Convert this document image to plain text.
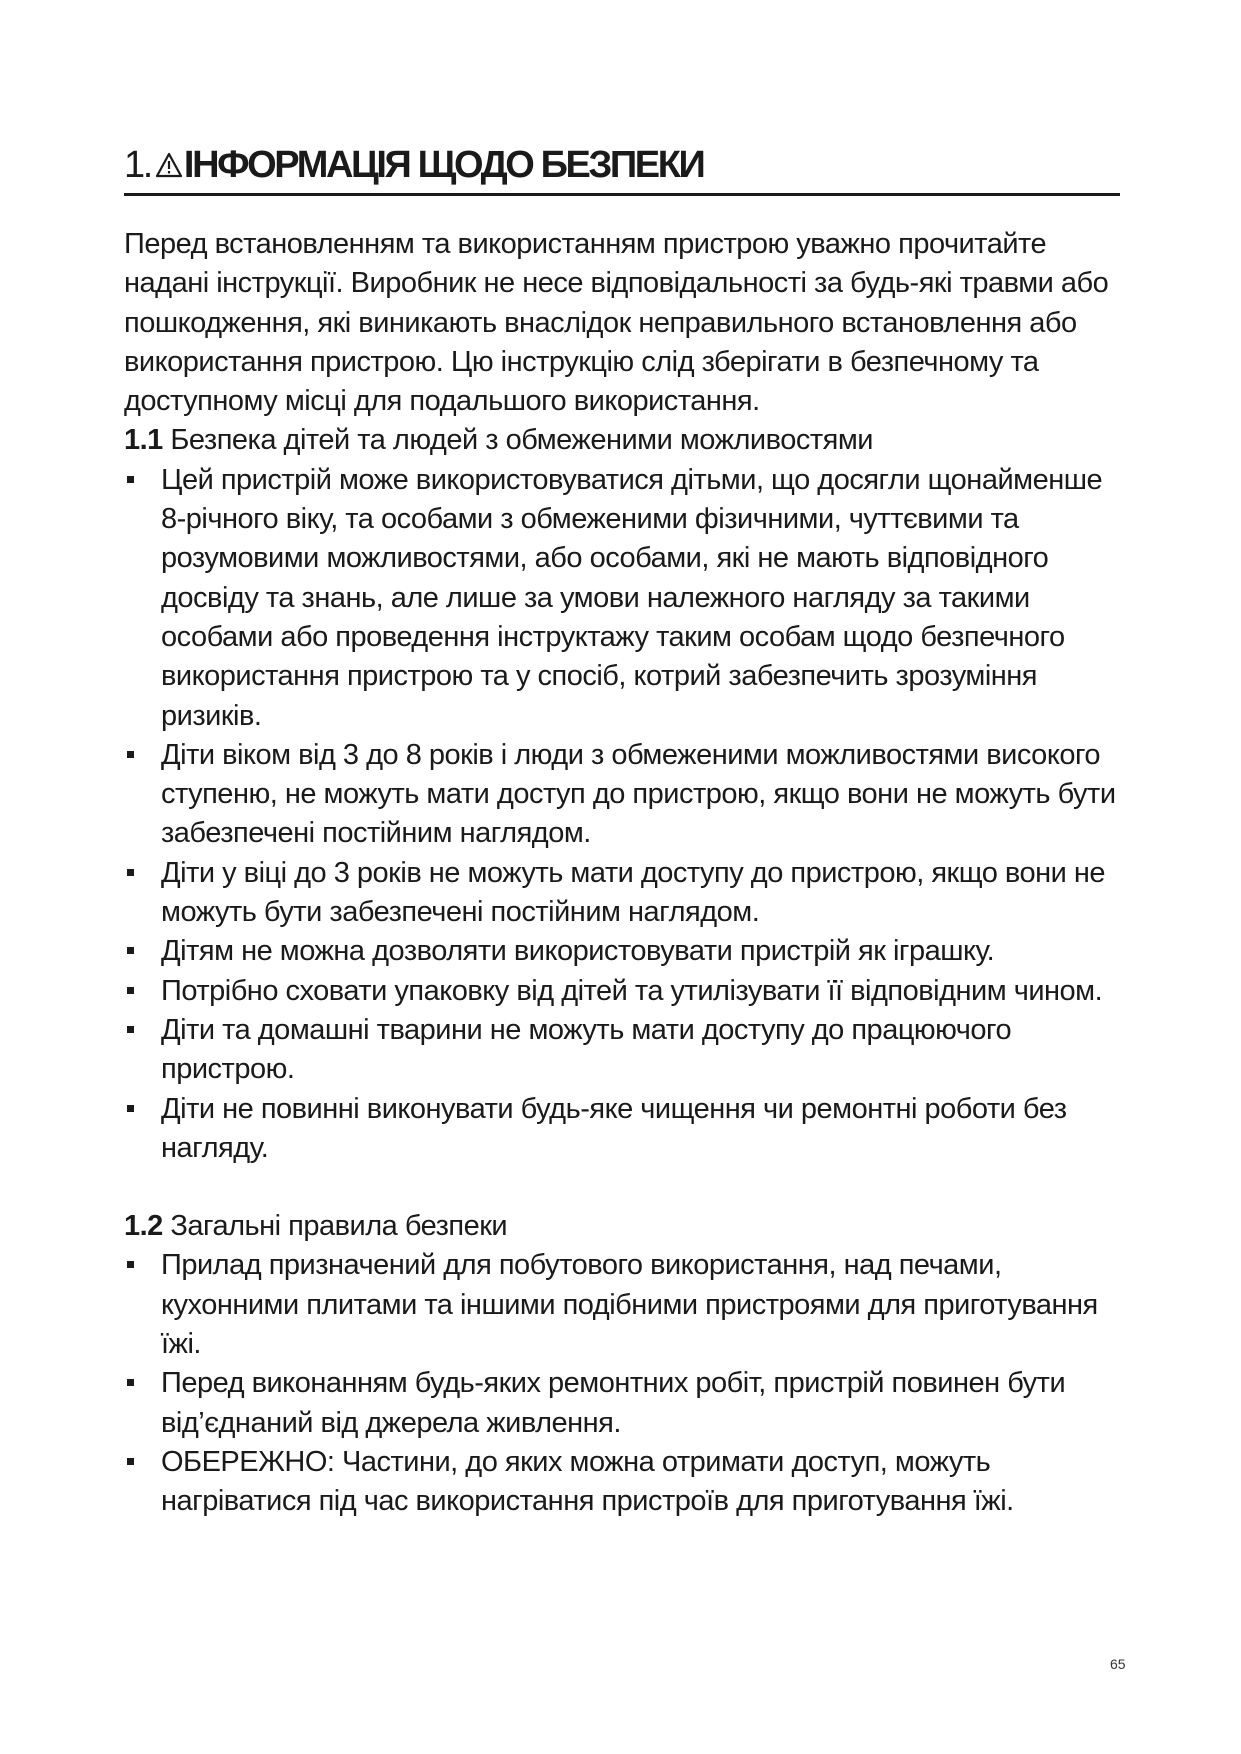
1. ІНФОРМАЦІЯ ЩОДО БЕЗПЕКИ

Перед встановленням та використанням пристрою уважно прочитайте надані інструкції. Виробник не несе відповідальності за будь-які травми або пошкодження, які виникають внаслідок неправильного встановлення або використання пристрою. Цю інструкцію слід зберігати в безпечному та доступному місці для подальшого використання.

1.1 Безпека дітей та людей з обмеженими можливостями

Цей пристрій може використовуватися дітьми, що досягли щонайменше 8-річного віку, та особами з обмеженими фізичними, чуттєвими та розумовими можливостями, або особами, які не мають відповідного досвіду та знань, але лише за умови належного нагляду за такими особами або проведення інструктажу таким особам щодо безпечного використання пристрою та у спосіб, котрий забезпечить зрозуміння ризиків.
Діти віком від 3 до 8 років і люди з обмеженими можливостями високого ступеню, не можуть мати доступ до пристрою, якщо вони не можуть бути забезпечені постійним наглядом.
Діти у віці до 3 років не можуть мати доступу до пристрою, якщо вони не можуть бути забезпечені постійним наглядом.
Дітям не можна дозволяти використовувати пристрій як іграшку.
Потрібно сховати упаковку від дітей та утилізувати її відповідним чином.
Діти та домашні тварини не можуть мати доступу до працюючого пристрою.
Діти не повинні виконувати будь-яке чищення чи ремонтні роботи без нагляду.

1.2 Загальні правила безпеки

Прилад призначений для побутового використання, над печами, кухонними плитами та іншими подібними пристроями для приготування їжі.
Перед виконанням будь-яких ремонтних робіт, пристрій повинен бути від’єднаний від джерела живлення.
ОБЕРЕЖНО: Частини, до яких можна отримати доступ, можуть нагріватися під час використання пристроїв для приготування їжі.
65
